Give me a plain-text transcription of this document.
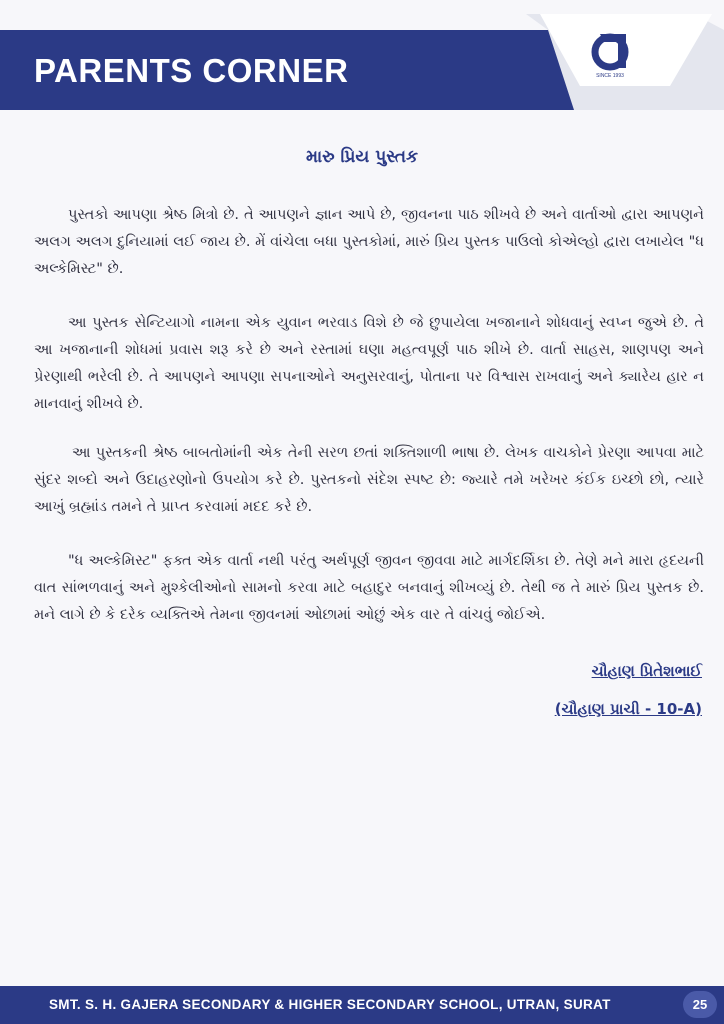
SINCE 1993
PARENTS CORNER
મારુ પ્રિય પુસ્તક
પુસ્તકો આપણા શ્રેષ્ઠ મિત્રો છે. તે આપણને જ્ઞાન આપે છે, જીવનના પાઠ શીખવે છે અને વાર્તાઓ દ્વારા આપણને અલગ અલગ દુનિયામાં લઈ જાય છે. મેં વાંચેલા બધા પુસ્તકોમાં, મારું પ્રિય પુસ્તક પાઉલો કોએલ્હો દ્વારા લખાયેલ "ધ અલ્કેમિસ્ટ" છે.
આ પુસ્તક સેન્ટિયાગો નામના એક યુવાન ભરવાડ વિશે છે જે છુપાયેલા ખજાનાને શોધવાનું સ્વપ્ન જુએ છે. તે આ ખજાનાની શોધમાં પ્રવાસ શરૂ કરે છે અને રસ્તામાં ઘણા મહત્વપૂર્ણ પાઠ શીખે છે. વાર્તા સાહસ, શાણપણ અને પ્રેરણાથી ભરેલી છે. તે આપણને આપણા સપનાઓને અનુસરવાનું, પોતાના પર વિશ્વાસ રાખવાનું અને ક્યારેય હાર ન માનવાનું શીખવે છે.
આ પુસ્તકની શ્રેષ્ઠ બાબતોમાંની એક તેની સરળ છતાં શક્તિશાળી ભાષા છે. લેખક વાચકોને પ્રેરણા આપવા માટે સુંદર શબ્દો અને ઉદાહરણોનો ઉપયોગ કરે છે. પુસ્તકનો સંદેશ સ્પષ્ટ છે: જ્યારે તમે ખરેખર કંઈક ઇચ્છો છો, ત્યારે આખું બ્રહ્માંડ તમને તે પ્રાપ્ત કરવામાં મદદ કરે છે.
"ધ અલ્કેમિસ્ટ" ફક્ત એક વાર્તા નથી પરંતુ અર્થપૂર્ણ જીવન જીવવા માટે માર્ગદર્શિકા છે. તેણે મને મારા હૃદયની વાત સાંભળવાનું અને મુશ્કેલીઓનો સામનો કરવા માટે બહાદુર બનવાનું શીખવ્યું છે. તેથી જ તે મારું પ્રિય પુસ્તક છે. મને લાગે છે કે દરેક વ્યક્તિએ તેમના જીવનમાં ઓછામાં ઓછું એક વાર તે વાંચવું જોઈએ.
ચૌહાણ પ્રિતેશભાઈ
(ચૌહાણ પ્રાચી - 10-A)
SMT. S. H. GAJERA SECONDARY & HIGHER SECONDARY SCHOOL, UTRAN, SURAT	25
